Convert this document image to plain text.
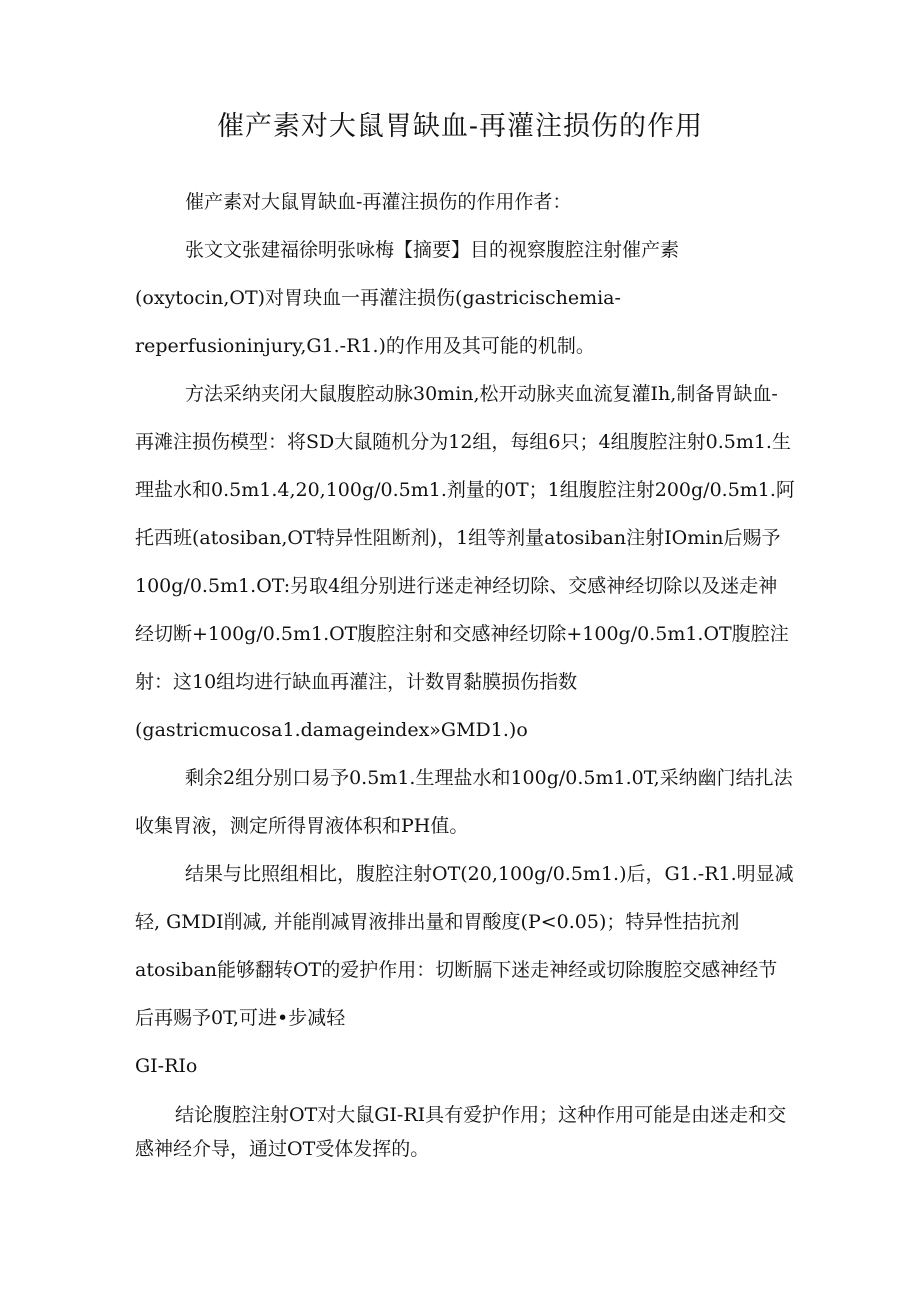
催产素对大鼠胃缺血-再灌注损伤的作用

催产素对大鼠胃缺血-再灌注损伤的作用作者：

张文文张建福徐明张咏梅【摘要】目的视察腹腔注射催产素(oxytocin,OT)对胃玦血一再灌注损伤(gastricischemia-reperfusioninjury,G1.-R1.)的作用及其可能的机制。

方法采纳夹闭大鼠腹腔动脉30min,松开动脉夹血流复灌Ih,制备胃缺血-再滩注损伤模型：将SD大鼠随机分为12组，每组6只；4组腹腔注射0.5m1.生理盐水和0.5m1.4,20,100g/0.5m1.剂量的0T；1组腹腔注射200g/0.5m1.阿托西班(atosiban,OT特异性阻断剂)，1组等剂量atosiban注射IOmin后赐予100g/0.5m1.OT:另取4组分别进行迷走神经切除、交感神经切除以及迷走神经切断+100g/0.5m1.OT腹腔注射和交感神经切除+100g/0.5m1.OT腹腔注射：这10组均进行缺血再灌注，计数胃黏膜损伤指数(gastricmucosa1.damageindex»GMD1.)o

剩余2组分别口易予0.5m1.生理盐水和100g/0.5m1.0T,采纳幽门结扎法收集胃液，测定所得胃液体积和PH值。

结果与比照组相比，腹腔注射OT(20,100g/0.5m1.)后，G1.-R1.明显减轻, GMDI削减, 并能削减胃液排出量和胃酸度(P<0.05)；特异性拮抗剂atosiban能够翻转OT的爱护作用：切断膈下迷走神经或切除腹腔交感神经节后再赐予0T,可进•步减轻

GI-RIo

结论腹腔注射OT对大鼠GI-RI具有爱护作用；这种作用可能是由迷走和交感神经介导，通过OT受体发挥的。
